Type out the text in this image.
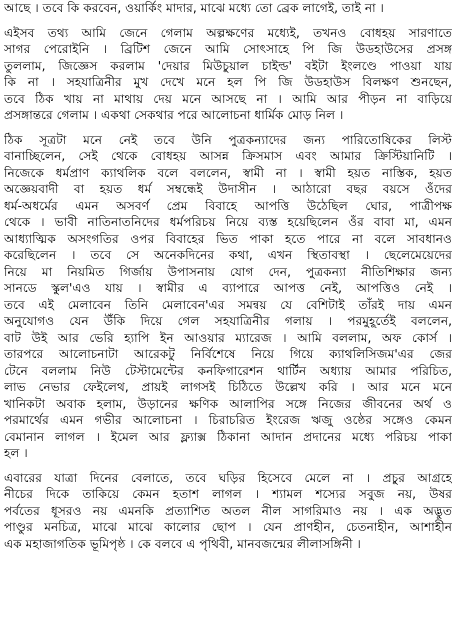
আছে । তবে কি করবেন, ওয়ার্কিং মাদার, মাঝে মধ্যে তো ব্রেক লাগেই, তাই না ।
এইসব তথ্য আমি জেনে গেলাম অল্পক্ষণের মধ্যেই, তখনও বোধহয় সারণাতে
সাগর পেরোইনি । ব্রিটিশ জেনে আমি সোৎসাহে পি জি উডহাউসের প্রসঙ্গ
তুললাম, জিজ্ঞেস করলাম 'দেয়ার মিউচুয়াল চাইল্ড' বইটা ইংলণ্ডে পাওয়া যায়
কি না । সহযাত্রিনীর মুখ দেখে মনে হল পি জি উডহাউস বিলক্ষণ শুনছেন,
তবে ঠিক খায় না মাথায় দেয় মনে আসছে না । আমি আর পীড়ন না বাড়িয়ে
প্রসঙ্গান্তরে গেলাম । একথা সেকথার পরে আলোচনা ধার্মিক মোড় নিল ।
ঠিক সূত্রটা মনে নেই তবে উনি পুত্রকন্যাদের জন্য পারিতোষিকের লিস্ট
বানাচ্ছিলেন, সেই থেকে বোধহয় আসন্ন ক্রিসমাস এবং আমার ক্রিস্টিয়ানিটি ।
নিজেকে ধর্মপ্রাণ ক্যাথলিক বলে বললেন, স্বামী না । স্বামী হয়ত নাস্তিক, হয়ত
অজ্ঞেয়বাদী বা হয়ত ধর্ম সম্বন্ধেই উদাসীন । আঠারো বছর বয়সে ওঁদের
ধর্ম-অধর্মের এমন অসবর্ণ প্রেম বিবাহে আপত্তি উঠেছিল ঘোর, পাত্রীপক্ষ
থেকে । ভাবী নাতিনাতনিদের ধর্মপরিচয় নিয়ে ব্যস্ত হয়েছিলেন ওঁর বাবা মা, এমন
আধ্যাত্মিক অসংগতির ওপর বিবাহের ভিত পাকা হতে পারে না বলে সাবধানও
করেছিলেন । তবে সে অনেকদিনের কথা, এখন স্থিতাবস্থা । ছেলেমেয়েদের
নিয়ে মা নিয়মিত গির্জায় উপাসনায় যোগ দেন, পুত্রকন্যা নীতিশিক্ষার জন্য
সানডে স্কুল'এও যায় । স্বামীর এ ব্যাপারে আপত্ত নেই, আপত্তিও নেই ।
তবে এই মেলাবেন তিনি মেলাবেন'এর সমন্বয় যে বেশিটাই তাঁরই দায় এমন
অনুযোগও যেন উঁকি দিয়ে গেল সহযাত্রিনীর গলায় । পরমুহূর্তেই বললেন,
বাট উই আর ভেরি হ্যাপি ইন আওয়ার ম্যারেজ । আমি বললাম, অফ কোর্স ।
তারপরে আলোচনাটা আরেকটু নির্বিশেষে নিয়ে গিয়ে ক্যাথলিসিজম'এর জের
টেনে বললাম নিউ টেস্টামেন্টের কনফিগারেশন থার্টিন অধ্যায় আমার পরিচিত,
লাভ নেভার ফেইলেথ, প্রায়ই লাগসই চিঠিতে উল্লেখ করি । আর মনে মনে
খানিকটা অবাক হলাম, উড়ানের ক্ষণিক আলাপির সঙ্গে নিজের জীবনের অর্থ ও
পরমার্থের এমন গভীর আলোচনা । চিরাচরিত ইংরেজ ঋজু ওষ্ঠের সঙ্গেও কেমন
বেমানান লাগল । ইমেল আর ফ্ল্যাক্স ঠিকানা আদান প্রদানের মধ্যে পরিচয় পাকা
হল ।
এবারের যাত্রা দিনের বেলাতে, তবে ঘড়ির হিসেবে মেলে না । প্রচুর আগ্রহে
নীচের দিকে তাকিয়ে কেমন হতাশ লাগল । শ্যামল শস্যের সবুজ নয়, উষর
পর্বতের ধূসরও নয় এমনকি প্রত্যাশিত অতল নীল সাগরিমাও নয় । এক অদ্ভুত
পাণ্ডুর মনচিত্র, মাঝে মাঝে কালোর ছোপ । যেন প্রাণহীন, চেতনাহীন, আশাহীন
এক মহাজাগতিক ভূমিপৃষ্ঠ । কে বলবে এ পৃথিবী, মানবজন্মের লীলাসঙ্গিনী ।
